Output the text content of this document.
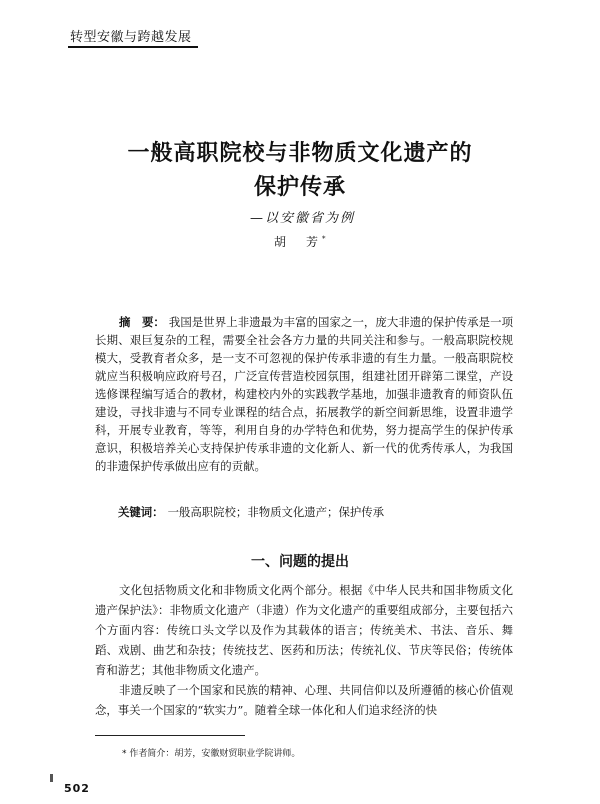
转型安徽与跨越发展
一般高职院校与非物质文化遗产的
保护传承
—以安徽省为例
胡　芳*
摘　要： 我国是世界上非遗最为丰富的国家之一，庞大非遗的保护传承是一项长期、艰巨复杂的工程，需要全社会各方力量的共同关注和参与。一般高职院校规模大，受教育者众多，是一支不可忽视的保护传承非遗的有生力量。一般高职院校就应当积极响应政府号召，广泛宣传营造校园氛围，组建社团开辟第二课堂，产设选修课程编写适合的教材，构建校内外的实践教学基地，加强非遗教育的师资队伍建设，寻找非遗与不同专业课程的结合点，拓展教学的新空间新思维，设置非遗学科，开展专业教育，等等，利用自身的办学特色和优势，努力提高学生的保护传承意识，积极培养关心支持保护传承非遗的文化新人、新一代的优秀传承人，为我国的非遗保护传承做出应有的贡献。
关键词： 一般高职院校；非物质文化遗产；保护传承
一、问题的提出

文化包括物质文化和非物质文化两个部分。根据《中华人民共和国非物质文化遗产保护法》：非物质文化遗产（非遗）作为文化遗产的重要组成部分，主要包括六个方面内容：传统口头文学以及作为其载体的语言；传统美术、书法、音乐、舞蹈、戏剧、曲艺和杂技；传统技艺、医药和历法；传统礼仪、节庆等民俗；传统体育和游艺；其他非物质文化遗产。

非遗反映了一个国家和民族的精神、心理、共同信仰以及所遵循的核心价值观念，事关一个国家的“软实力”。随着全球一体化和人们追求经济的快

* 作者简介：胡芳，安徽财贸职业学院讲师。
502
